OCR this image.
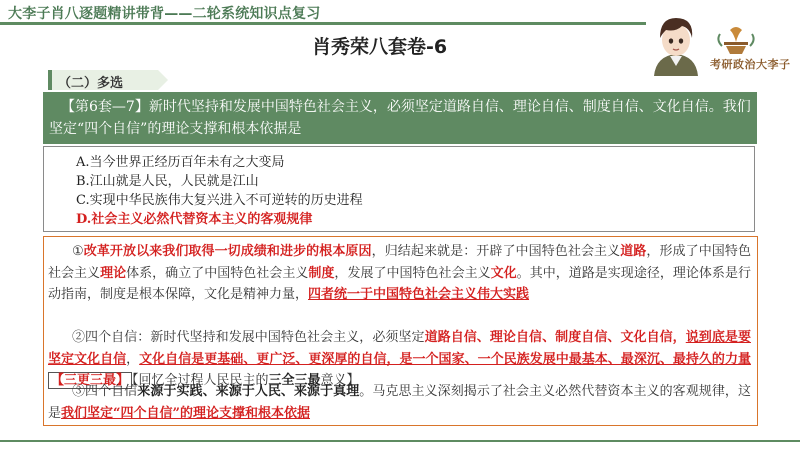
大李子肖八逐题精讲带背——二轮系统知识点复习
肖秀荣八套卷-6
考研政治大李子
（二）多选
【第6套—7】新时代坚持和发展中国特色社会主义，必须坚定道路自信、理论自信、制度自信、文化自信。我们坚定“四个自信”的理论支撑和根本依据是
A.当今世界正经历百年未有之大变局
B.江山就是人民，人民就是江山
C.实现中华民族伟大复兴进入不可逆转的历史进程
D.社会主义必然代替资本主义的客观规律
①改革开放以来我们取得一切成绩和进步的根本原因，归结起来就是：开辟了中国特色社会主义道路，形成了中国特色社会主义理论体系，确立了中国特色社会主义制度，发展了中国特色社会主义文化。其中，道路是实现途径，理论体系是行动指南，制度是根本保障，文化是精神力量，四者统一于中国特色社会主义伟大实践
②四个自信：新时代坚持和发展中国特色社会主义，必须坚定道路自信、理论自信、制度自信、文化自信，说到底是要坚定文化自信，文化自信是更基础、更广泛、更深厚的自信，是一个国家、一个民族发展中最基本、最深沉、最持久的力量【三更三最】 【回忆全过程人民民主的三全三最意义】
③四个自信来源于实践、来源于人民、来源于真理。马克思主义深刻揭示了社会主义必然代替资本主义的客观规律，这是我们坚定“四个自信”的理论支撑和根本依据
